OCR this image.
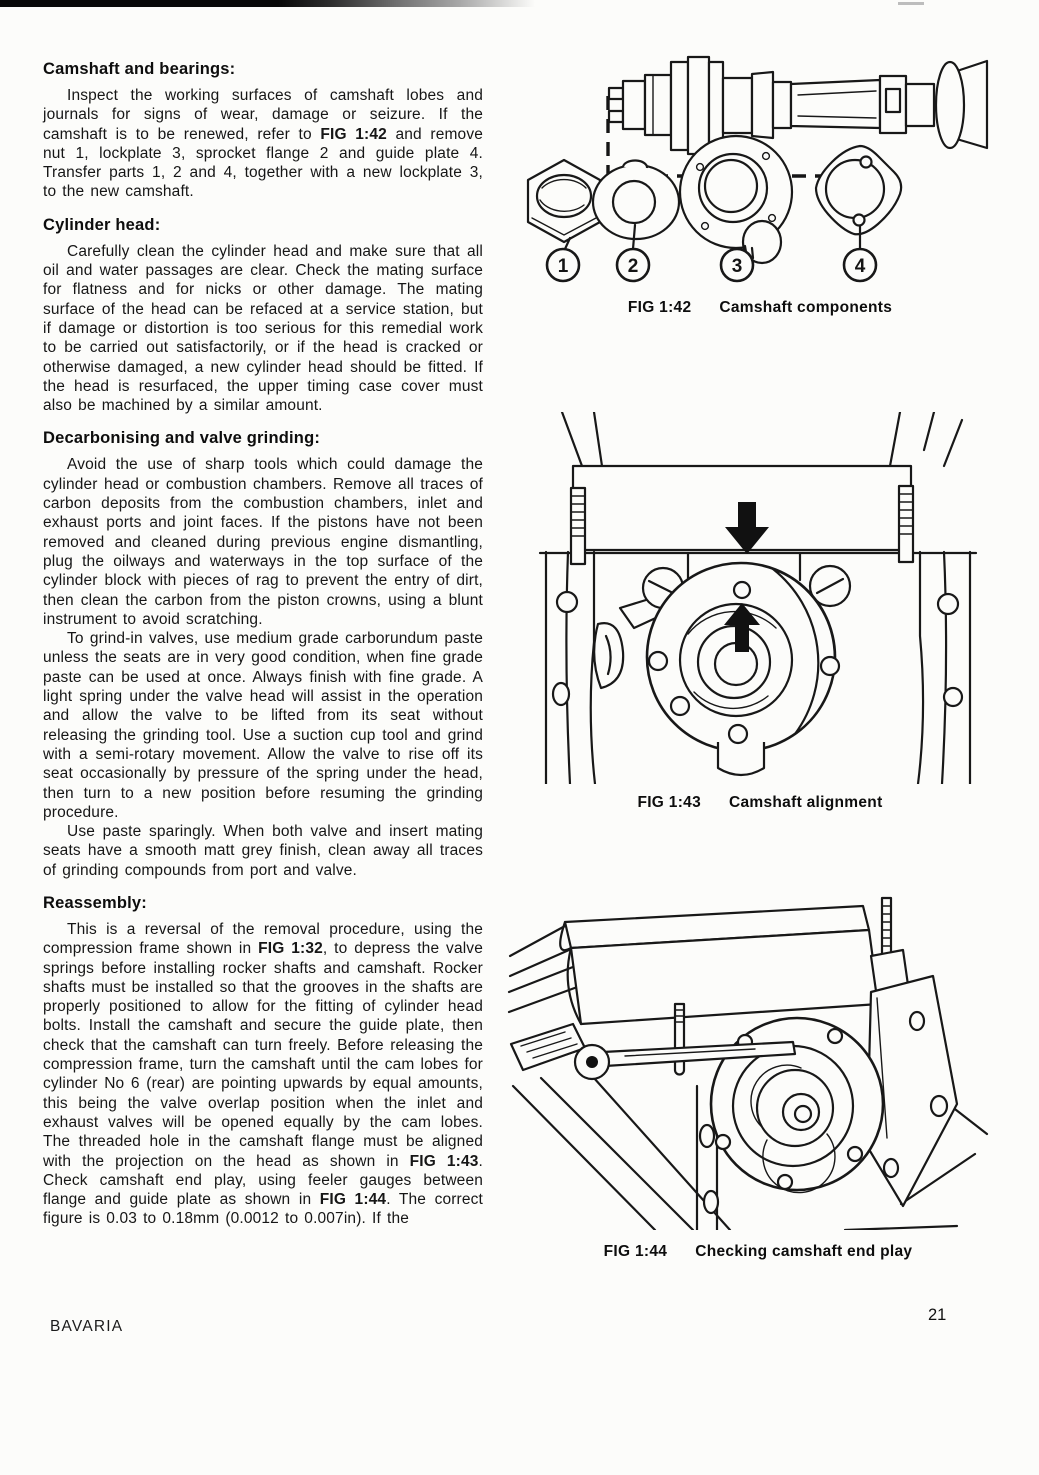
Camshaft and bearings:

Inspect the working surfaces of camshaft lobes and journals for signs of wear, damage or seizure. If the camshaft is to be renewed, refer to FIG 1:42 and remove nut 1, lockplate 3, sprocket flange 2 and guide plate 4. Transfer parts 1, 2 and 4, together with a new lockplate 3, to the new camshaft.

Cylinder head:

Carefully clean the cylinder head and make sure that all oil and water passages are clear. Check the mating surface for flatness and for nicks or other damage. The mating surface of the head can be refaced at a service station, but if damage or distortion is too serious for this remedial work to be carried out satisfactorily, or if the head is cracked or otherwise damaged, a new cylinder head should be fitted. If the head is resurfaced, the upper timing case cover must also be machined by a similar amount.

Decarbonising and valve grinding:

Avoid the use of sharp tools which could damage the cylinder head or combustion chambers. Remove all traces of carbon deposits from the combustion chambers, inlet and exhaust ports and joint faces. If the pistons have not been removed and cleaned during previous engine dismantling, plug the oilways and waterways in the top surface of the cylinder block with pieces of rag to prevent the entry of dirt, then clean the carbon from the piston crowns, using a blunt instrument to avoid scratching.

To grind-in valves, use medium grade carborundum paste unless the seats are in very good condition, when fine grade paste can be used at once. Always finish with fine grade. A light spring under the valve head will assist in the operation and allow the valve to be lifted from its seat without releasing the grinding tool. Use a suction cup tool and grind with a semi-rotary movement. Allow the valve to rise off its seat occasionally by pressure of the spring under the head, then turn to a new position before resuming the grinding procedure.

Use paste sparingly. When both valve and insert mating seats have a smooth matt grey finish, clean away all traces of grinding compounds from port and valve.

Reassembly:

This is a reversal of the removal procedure, using the compression frame shown in FIG 1:32, to depress the valve springs before installing rocker shafts and camshaft. Rocker shafts must be installed so that the grooves in the shafts are properly positioned to allow for the fitting of cylinder head bolts. Install the camshaft and secure the guide plate, then check that the camshaft can turn freely. Before releasing the compression frame, turn the camshaft until the cam lobes for cylinder No 6 (rear) are pointing upwards by equal amounts, this being the valve overlap position when the inlet and exhaust valves will be opened equally by the cam lobes. The threaded hole in the camshaft flange must be aligned with the projection on the head as shown in FIG 1:43. Check camshaft end play, using feeler gauges between flange and guide plate as shown in FIG 1:44. The correct figure is 0.03 to 0.18mm (0.0012 to 0.007in). If the

1	2	3	4
FIG 1:42 Camshaft components
FIG 1:43 Camshaft alignment
FIG 1:44 Checking camshaft end play
BAVARIA
21
